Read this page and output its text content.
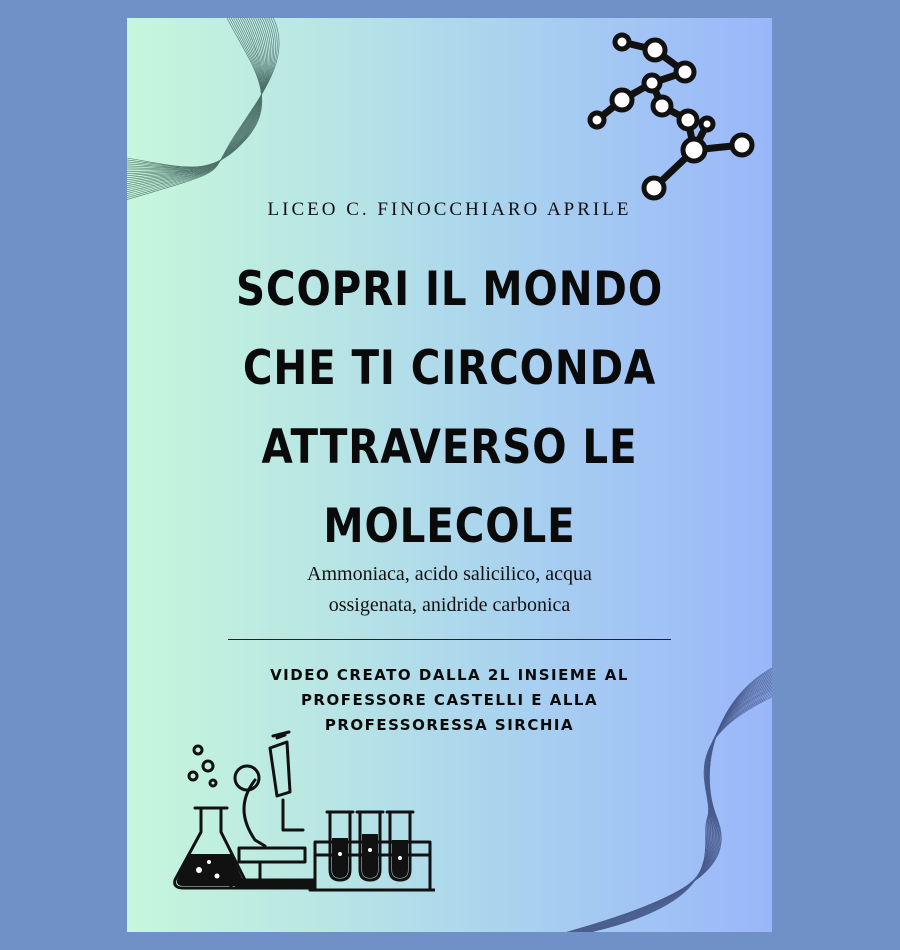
LICEO C. FINOCCHIARO APRILE
SCOPRI IL MONDO
CHE TI CIRCONDA
ATTRAVERSO LE
MOLECOLE
Ammoniaca, acido salicilico, acqua
ossigenata, anidride carbonica
VIDEO CREATO DALLA 2L INSIEME AL
PROFESSORE CASTELLI E ALLA
PROFESSORESSA SIRCHIA
